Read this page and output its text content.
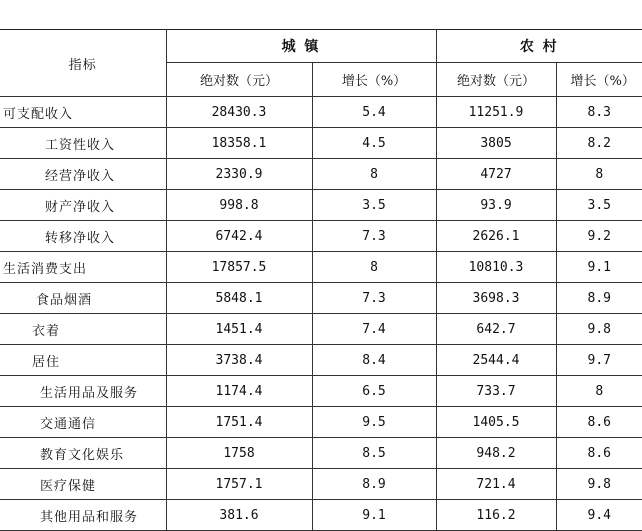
指标	城 镇		农 村	
	绝对数（元）	增长（%）	绝对数（元）	增长（%）
可支配收入	28430.3	5.4	11251.9	8.3
工资性收入	18358.1	4.5	3805	8.2
经营净收入	2330.9	8	4727	8
财产净收入	998.8	3.5	93.9	3.5
转移净收入	6742.4	7.3	2626.1	9.2
生活消费支出	17857.5	8	10810.3	9.1
食品烟酒	5848.1	7.3	3698.3	8.9
衣着	1451.4	7.4	642.7	9.8
居住	3738.4	8.4	2544.4	9.7
生活用品及服务	1174.4	6.5	733.7	8
交通通信	1751.4	9.5	1405.5	8.6
教育文化娱乐	1758	8.5	948.2	8.6
医疗保健	1757.1	8.9	721.4	9.8
其他用品和服务	381.6	9.1	116.2	9.4
